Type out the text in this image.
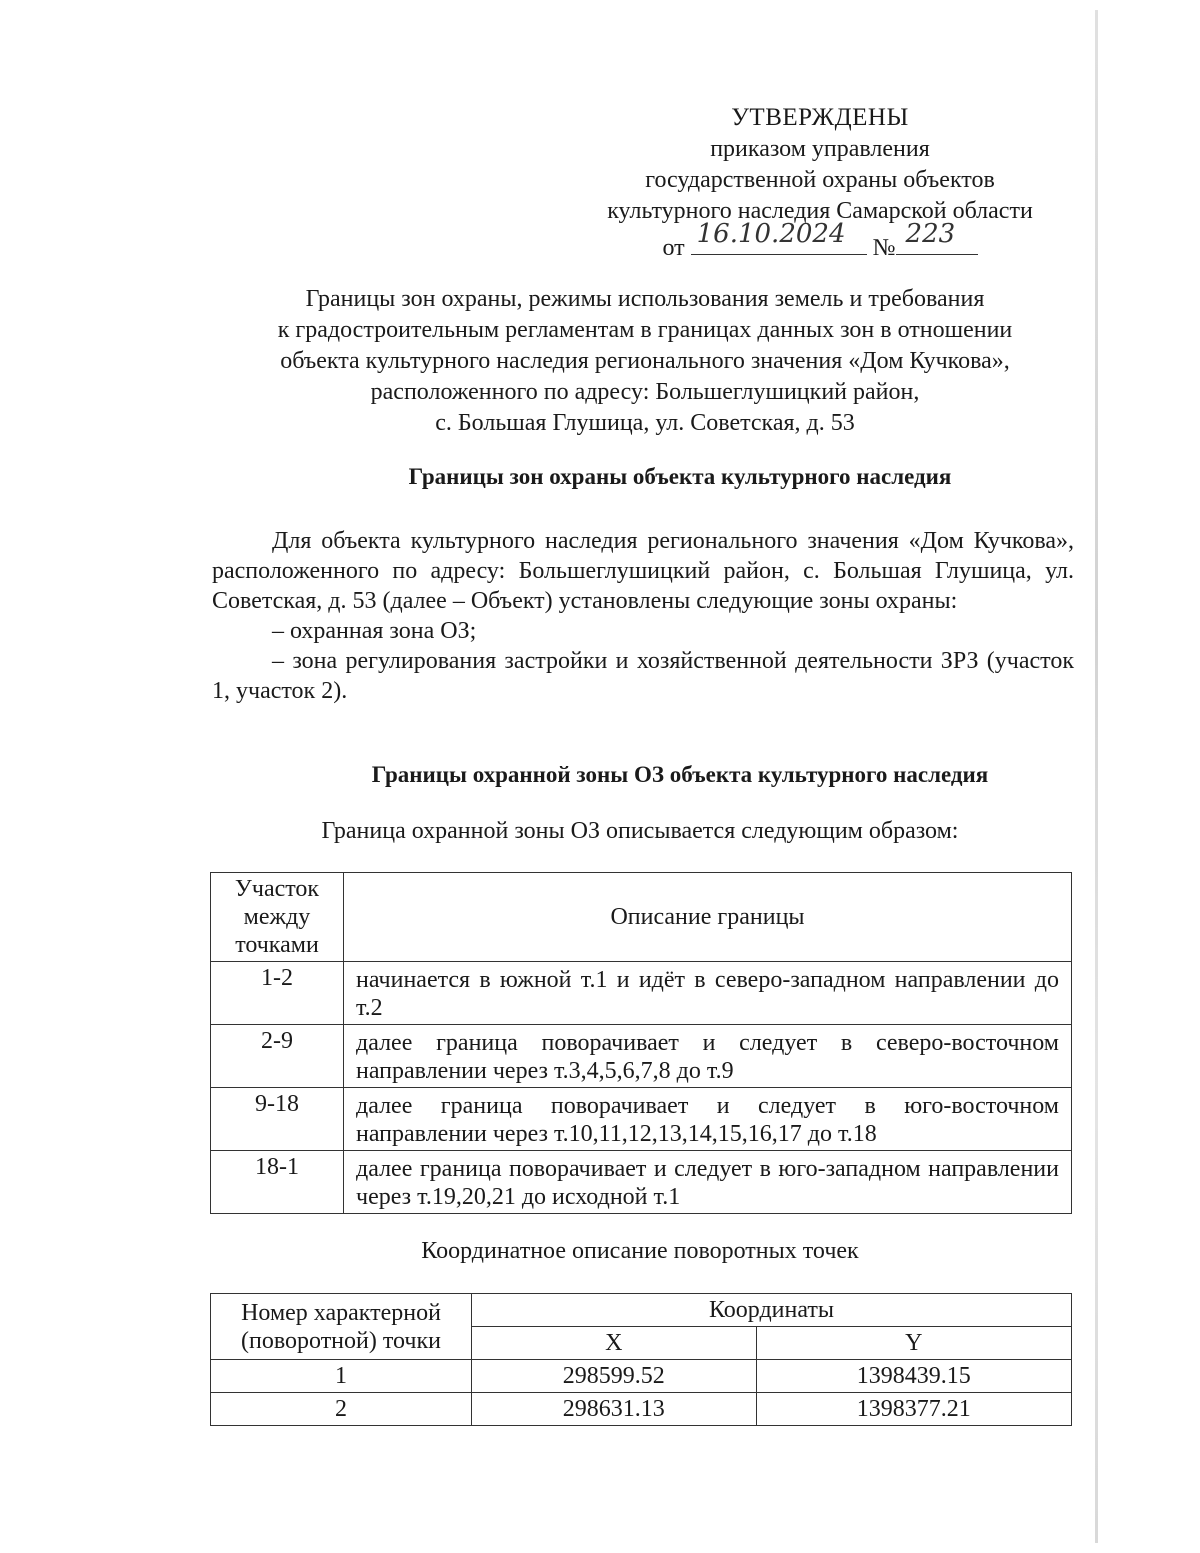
УТВЕРЖДЕНЫ
приказом управления
государственной охраны объектов
культурного наследия Самарской области
от 16.10.2024 № 223
Границы зон охраны, режимы использования земель и требования
к градостроительным регламентам в границах данных зон в отношении
объекта культурного наследия регионального значения «Дом Кучкова»,
расположенного по адресу: Большеглушицкий район,
с. Большая Глушица, ул. Советская, д. 53
Границы зон охраны объекта культурного наследия

Для объекта культурного наследия регионального значения «Дом Кучкова», расположенного по адресу: Большеглушицкий район, с. Большая Глушица, ул. Советская, д. 53 (далее – Объект) установлены следующие зоны охраны:

– охранная зона ОЗ;

– зона регулирования застройки и хозяйственной деятельности ЗРЗ (участок 1, участок 2).

Границы охранной зоны ОЗ объекта культурного наследия
Граница охранной зоны ОЗ описывается следующим образом:
Участок между точками	Описание границы
1-2	начинается в южной т.1 и идёт в северо-западном направлении до т.2
2-9	далее граница поворачивает и следует в северо-восточном направлении через т.3,4,5,6,7,8 до т.9
9-18	далее граница поворачивает и следует в юго-восточном направлении через т.10,11,12,13,14,15,16,17 до т.18
18-1	далее граница поворачивает и следует в юго-западном направлении через т.19,20,21 до исходной т.1
Координатное описание поворотных точек
Номер характерной (поворотной) точки	Координаты	
	X	Y
1	298599.52	1398439.15
2	298631.13	1398377.21
